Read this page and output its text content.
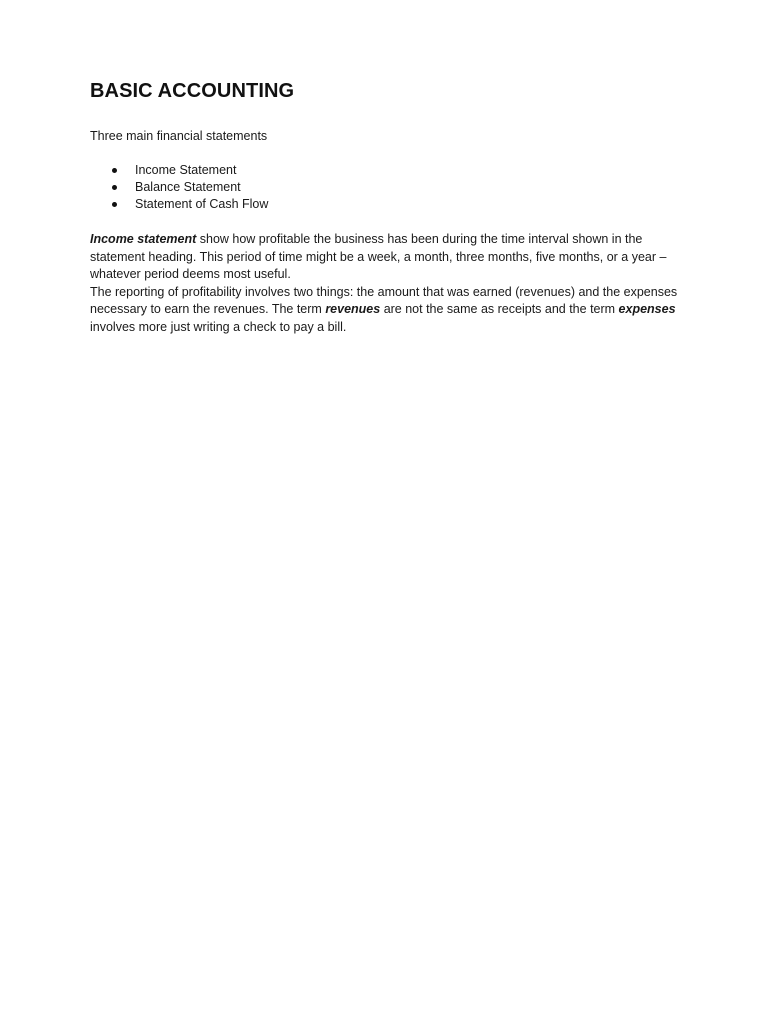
BASIC ACCOUNTING

Three main financial statements

Income Statement
Balance Statement
Statement of Cash Flow

Income statement show how profitable the business has been during the time interval shown in the statement heading. This period of time might be a week, a month, three months, five months, or a year – whatever period deems most useful.

The reporting of profitability involves two things: the amount that was earned (revenues) and the expenses necessary to earn the revenues. The term revenues are not the same as receipts and the term expenses involves more just writing a check to pay a bill.
